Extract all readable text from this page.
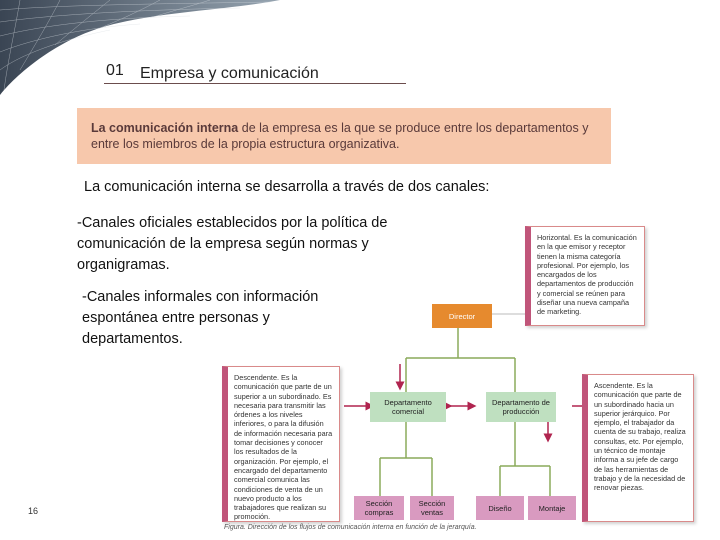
01 Empresa y comunicación
La comunicación interna de la empresa es la que se produce entre los departamentos y entre los miembros de la propia estructura organizativa.
La comunicación interna se desarrolla a través de dos canales:
-Canales oficiales establecidos por la política de comunicación de la empresa según normas y organigramas.
-Canales informales con información espontánea entre personas y departamentos.
Director
Departamento comercial
Departamento de producción
Sección compras
Sección ventas	Diseño	Montaje
Horizontal. Es la comunicación en la que emisor y receptor tienen la misma categoría profesional. Por ejemplo, los encargados de los departamentos de producción y comercial se reúnen para diseñar una nueva campaña de marketing.
Descendente. Es la comunicación que parte de un superior a un subordinado. Es necesaria para transmitir las órdenes a los niveles inferiores, o para la difusión de información necesaria para tomar decisiones y conocer los resultados de la organización. Por ejemplo, el encargado del departamento comercial comunica las condiciones de venta de un nuevo producto a los trabajadores que realizan su promoción.
Ascendente. Es la comunicación que parte de un subordinado hacia un superior jerárquico. Por ejemplo, el trabajador da cuenta de su trabajo, realiza consultas, etc. Por ejemplo, un técnico de montaje informa a su jefe de cargo de las herramientas de trabajo y de la necesidad de renovar piezas.
16
Figura. Dirección de los flujos de comunicación interna en función de la jerarquía.
